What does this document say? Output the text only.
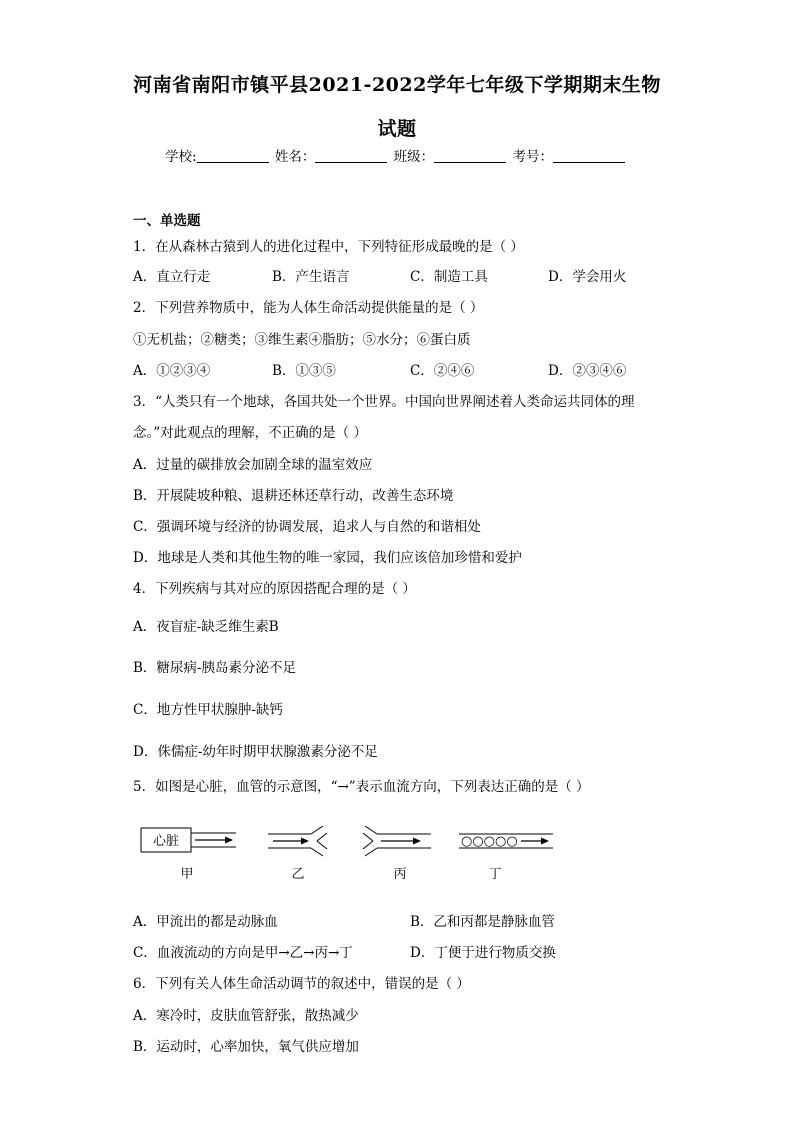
河南省南阳市镇平县2021-2022学年七年级下学期期末生物
试题
学校:	姓名：	班级：	考号：
一、单选题
1．在从森林古猿到人的进化过程中，下列特征形成最晚的是（ ）
A．直立行走	B．产生语言	C．制造工具	D．学会用火
2．下列营养物质中，能为人体生命活动提供能量的是（ ）
①无机盐；②糖类；③维生素④脂肪；⑤水分；⑥蛋白质
A．①②③④	B．①③⑤	C．②④⑥	D．②③④⑥
3．“人类只有一个地球，各国共处一个世界。中国向世界阐述着人类命运共同体的理
念。”对此观点的理解，不正确的是（ ）
A．过量的碳排放会加剧全球的温室效应
B．开展陡坡种粮、退耕还林还草行动，改善生态环境
C．强调环境与经济的协调发展，追求人与自然的和谐相处
D．地球是人类和其他生物的唯一家园，我们应该倍加珍惜和爱护
4．下列疾病与其对应的原因搭配合理的是（ ）
A．夜盲症-缺乏维生素B
B．糖尿病-胰岛素分泌不足
C．地方性甲状腺肿-缺钙
D．侏儒症-幼年时期甲状腺激素分泌不足
5．如图是心脏，血管的示意图，“→”表示血流方向，下列表达正确的是（ ）
心脏
甲	乙	丙
○○○○○
丁
A．甲流出的都是动脉血	B．乙和丙都是静脉血管
C．血液流动的方向是甲→乙→丙→丁	D．丁便于进行物质交换
6．下列有关人体生命活动调节的叙述中，错误的是（ ）
A．寒冷时，皮肤血管舒张，散热减少
B．运动时，心率加快，氧气供应增加
